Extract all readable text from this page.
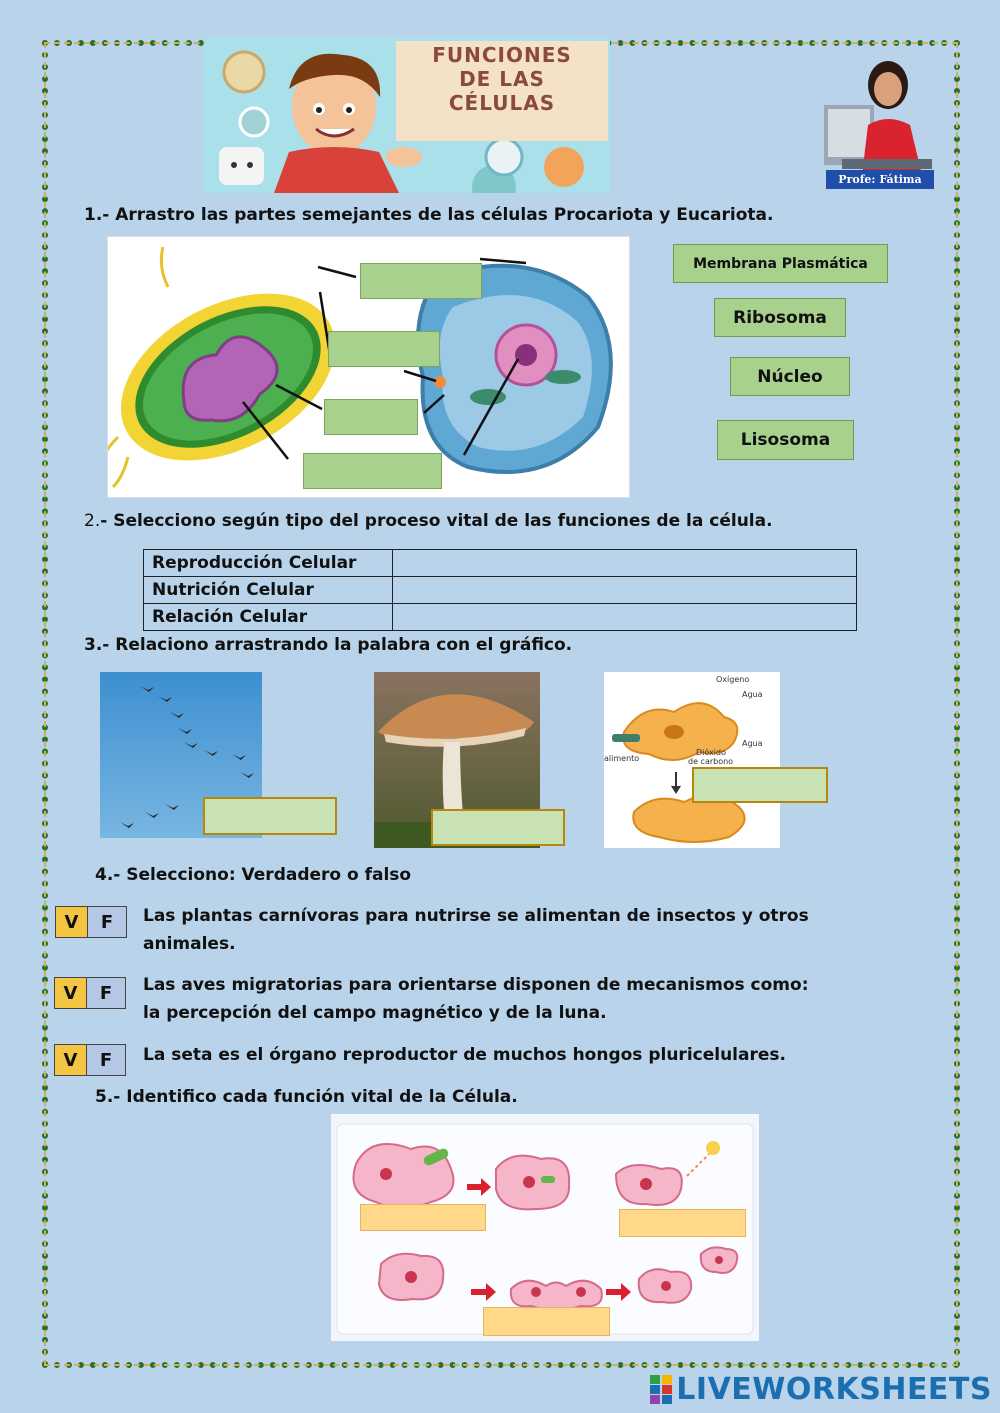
FUNCIONES
DE LAS
CÉLULAS
Profe: Fátima
1.- Arrastro las partes semejantes de las células Procariota y Eucariota.
Membrana Plasmática
Ribosoma
Núcleo
Lisosoma
2.- Selecciono según tipo del proceso vital de las funciones de la célula.
Reproducción Celular	
Nutrición Celular	
Relación Celular	
3.- Relaciono arrastrando la palabra con el gráfico.
Oxígeno
Agua
Agua
alimento
Dióxido
de carbono
4.- Selecciono: Verdadero o falso
V	F	Las plantas carnívoras para nutrirse se alimentan de insectos y otros
animales.
V	F	Las aves migratorias para orientarse disponen de mecanismos como:
la percepción del campo magnético y de la luna.
V	F	La seta es el órgano reproductor de muchos hongos pluricelulares.
5.- Identifico cada función vital de la Célula.
LIVEWORKSHEETS
